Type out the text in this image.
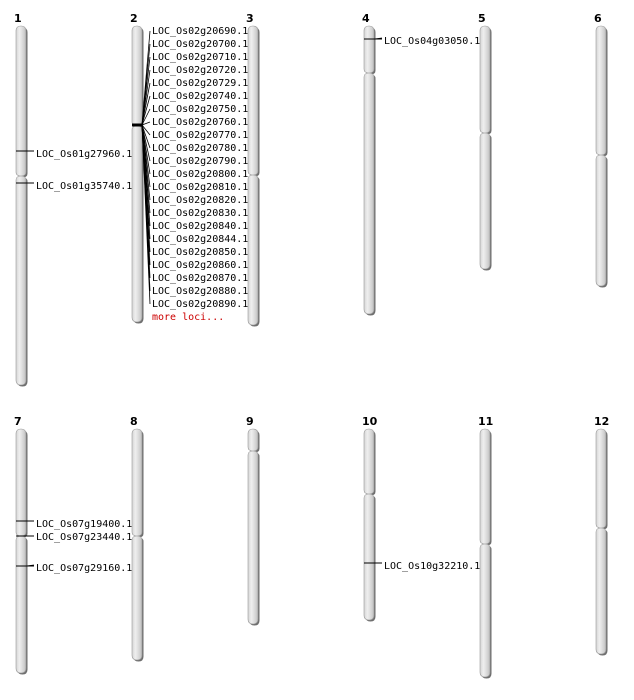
1
LOC_Os01g27960.1
LOC_Os01g35740.1
2
LOC_Os02g20690.1
LOC_Os02g20700.1
LOC_Os02g20710.1
LOC_Os02g20720.1
LOC_Os02g20729.1
LOC_Os02g20740.1
LOC_Os02g20750.1
LOC_Os02g20760.1
LOC_Os02g20770.1
LOC_Os02g20780.1
LOC_Os02g20790.1
LOC_Os02g20800.1
LOC_Os02g20810.1
LOC_Os02g20820.1
LOC_Os02g20830.1
LOC_Os02g20840.1
LOC_Os02g20844.1
LOC_Os02g20850.1
LOC_Os02g20860.1
LOC_Os02g20870.1
LOC_Os02g20880.1
LOC_Os02g20890.1
more loci...
3	4
LOC_Os04g03050.1
5	6
7
LOC_Os07g19400.1
LOC_Os07g23440.1
LOC_Os07g29160.1
8	9	10
LOC_Os10g32210.1
11	12
